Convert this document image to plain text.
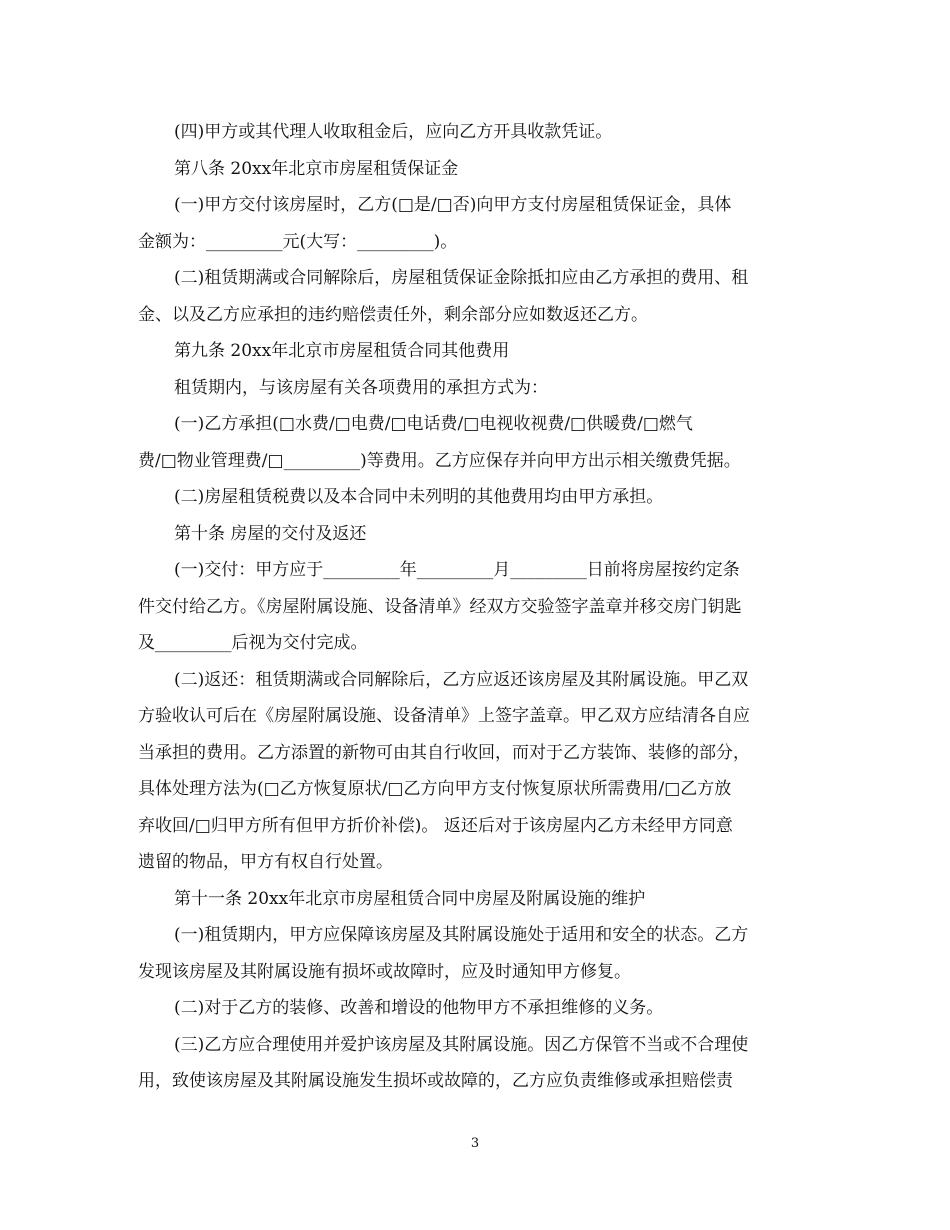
(四)甲方或其代理人收取租金后，应向乙方开具收款凭证。
第八条 20xx年北京市房屋租赁保证金
(一)甲方交付该房屋时，乙方(□是/□否)向甲方支付房屋租赁保证金，具体
金额为：_________元(大写：_________)。
(二)租赁期满或合同解除后，房屋租赁保证金除抵扣应由乙方承担的费用、租
金、以及乙方应承担的违约赔偿责任外，剩余部分应如数返还乙方。
第九条 20xx年北京市房屋租赁合同其他费用
租赁期内，与该房屋有关各项费用的承担方式为：
(一)乙方承担(□水费/□电费/□电话费/□电视收视费/□供暖费/□燃气
费/□物业管理费/□_________)等费用。乙方应保存并向甲方出示相关缴费凭据。
(二)房屋租赁税费以及本合同中未列明的其他费用均由甲方承担。
第十条 房屋的交付及返还
(一)交付：甲方应于_________年_________月_________日前将房屋按约定条
件交付给乙方。《房屋附属设施、设备清单》经双方交验签字盖章并移交房门钥匙
及_________后视为交付完成。
(二)返还：租赁期满或合同解除后，乙方应返还该房屋及其附属设施。甲乙双
方验收认可后在《房屋附属设施、设备清单》上签字盖章。甲乙双方应结清各自应
当承担的费用。乙方添置的新物可由其自行收回，而对于乙方装饰、装修的部分，
具体处理方法为(□乙方恢复原状/□乙方向甲方支付恢复原状所需费用/□乙方放
弃收回/□归甲方所有但甲方折价补偿)。 返还后对于该房屋内乙方未经甲方同意
遗留的物品，甲方有权自行处置。
第十一条 20xx年北京市房屋租赁合同中房屋及附属设施的维护
(一)租赁期内，甲方应保障该房屋及其附属设施处于适用和安全的状态。乙方
发现该房屋及其附属设施有损坏或故障时，应及时通知甲方修复。
(二)对于乙方的装修、改善和增设的他物甲方不承担维修的义务。
(三)乙方应合理使用并爱护该房屋及其附属设施。因乙方保管不当或不合理使
用，致使该房屋及其附属设施发生损坏或故障的，乙方应负责维修或承担赔偿责
3
